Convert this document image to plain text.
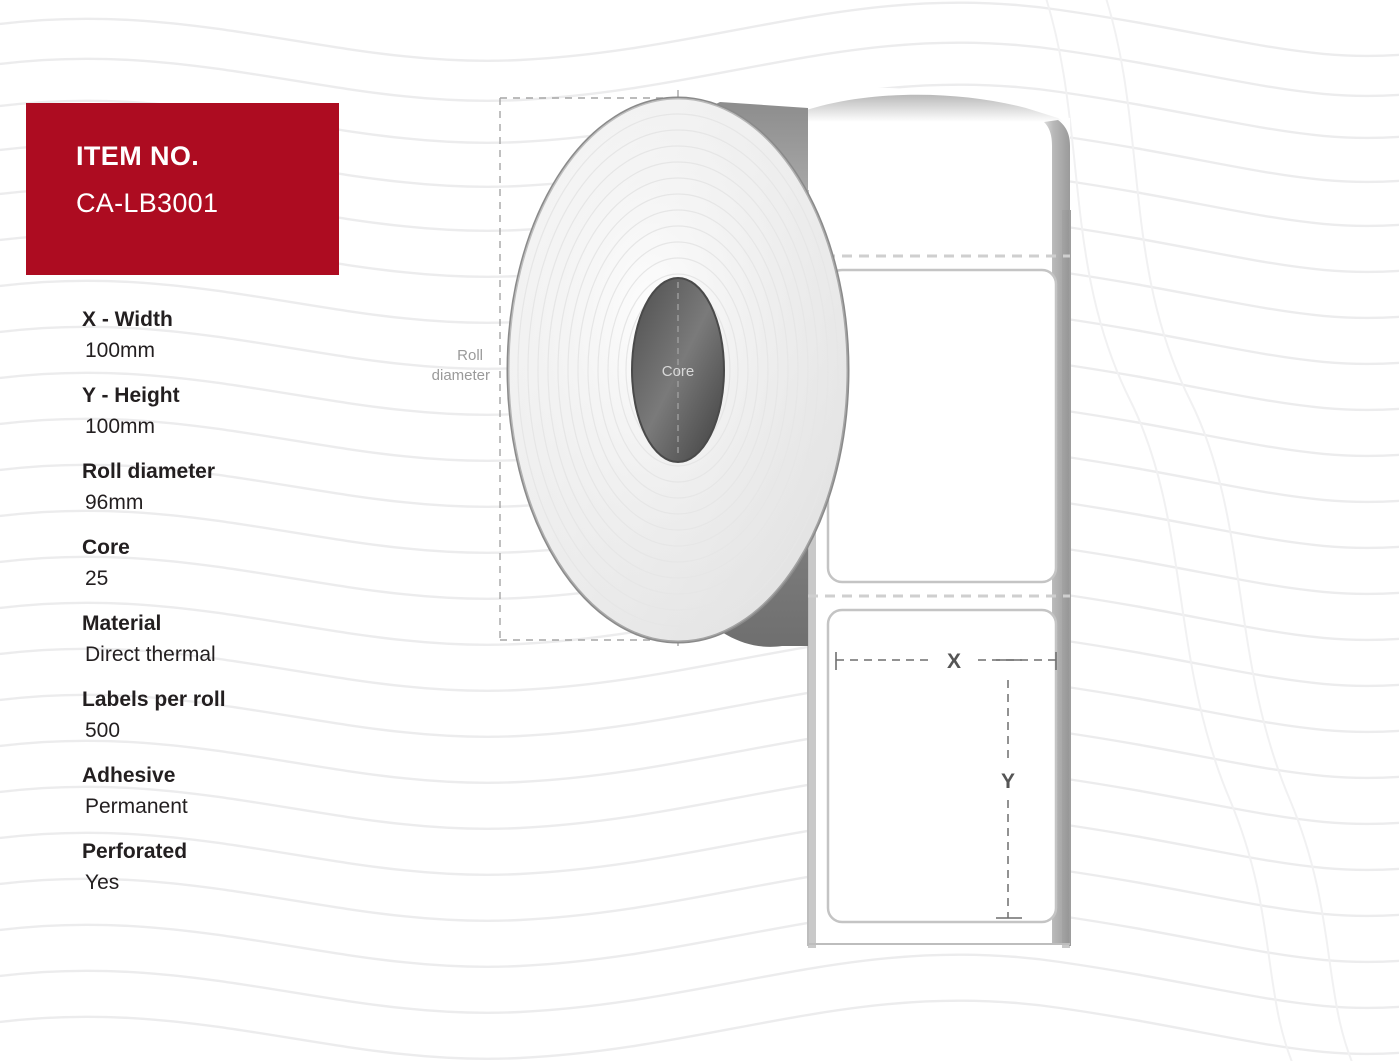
ITEM NO.
CA-LB3001
X - Width
100mm
Y - Height
100mm
Roll diameter
96mm
Core
25
Material
Direct thermal
Labels per roll
500
Adhesive
Permanent
Perforated
Yes
Roll
diameter	Core
X
Y
